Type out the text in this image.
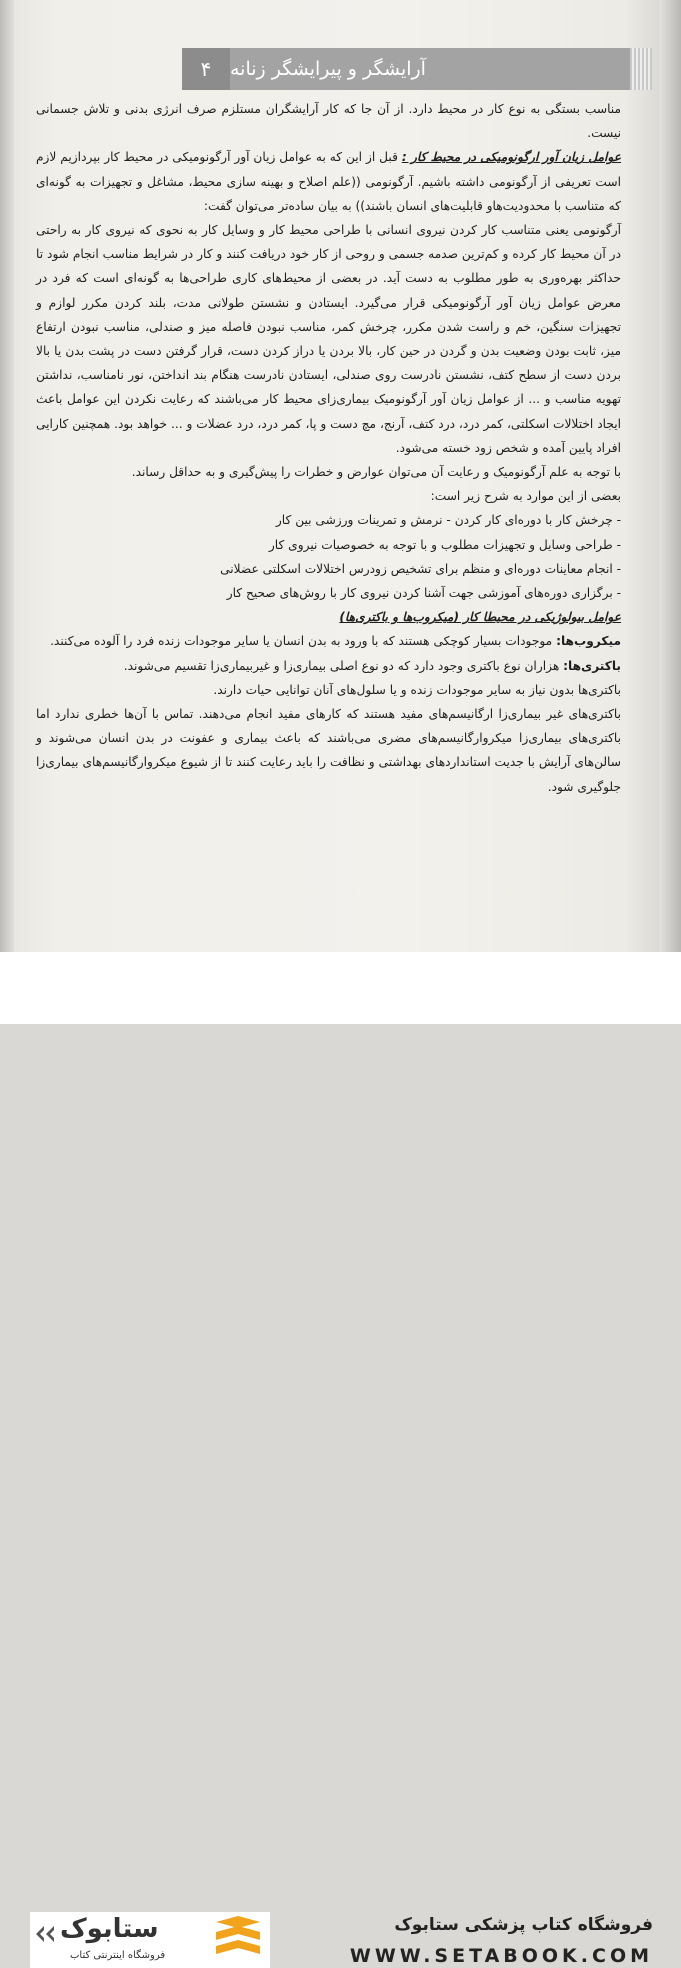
۴ آرایشگر و پیرایشگر زنانه

مناسب بستگی به نوع کار در محیط دارد. از آن جا که کار آرایشگران مستلزم صرف انرژی بدنی و تلاش جسمانی نیست.

عوامل زیان آور ارگونومیکی در محیط کار : قبل از این که به عوامل زیان آور آرگونومیکی در محیط کار بپردازیم لازم است تعریفی از آرگونومی داشته باشیم. آرگونومی ((علم اصلاح و بهینه سازی محیط، مشاغل و تجهیزات به گونه‌ای که متناسب با محدودیت‌هاو قابلیت‌های انسان باشند)) به بیان ساده‌تر می‌توان گفت:

آرگونومی یعنی متناسب کار کردن نیروی انسانی با طراحی محیط کار و وسایل کار به نحوی که نیروی کار به راحتی در آن محیط کار کرده و کم‌ترین صدمه جسمی و روحی از کار خود دریافت کنند و کار در شرایط مناسب انجام شود تا حداکثر بهره‌وری به طور مطلوب به دست آید. در بعضی از محیط‌های کاری طراحی‌ها به گونه‌ای است که فرد در معرض عوامل زیان آور آرگونومیکی قرار می‌گیرد. ایستادن و نشستن طولانی مدت، بلند کردن مکرر لوازم و تجهیزات سنگین، خم و راست شدن مکرر، چرخش کمر، مناسب نبودن فاصله میز و صندلی، مناسب نبودن ارتفاع میز، ثابت بودن وضعیت بدن و گردن در حین کار، بالا بردن یا دراز کردن دست، قرار گرفتن دست در پشت بدن یا بالا بردن دست از سطح کتف، نشستن نادرست روی صندلی، ایستادن نادرست هنگام بند انداختن، نور نامناسب، نداشتن تهویه مناسب و ... از عوامل زیان آور آرگونومیک بیماری‌زای محیط کار می‌باشند که رعایت نکردن این عوامل باعث ایجاد اختلالات اسکلتی، کمر درد، درد کتف، آرنج، مچ دست و پا، کمر درد، درد عضلات و ... خواهد بود. همچنین کارایی افراد پایین آمده و شخص زود خسته می‌شود.

با توجه به علم آرگونومیک و رعایت آن می‌توان عوارض و خطرات را پیش‌گیری و به حداقل رساند.

بعضی از این موارد به شرح زیر است:

- چرخش کار با دوره‌ای کار کردن - نرمش و تمرینات ورزشی بین کار

- طراحی وسایل و تجهیزات مطلوب و با توجه به خصوصیات نیروی کار

- انجام معاینات دوره‌ای و منظم برای تشخیص زودرس اختلالات اسکلتی عضلانی

- برگزاری دوره‌های آموزشی جهت آشنا کردن نیروی کار با روش‌های صحیح کار

عوامل بیولوژیکی در محیطا کار (میکروب‌ها و باکتری‌ها)

میکروب‌ها: موجودات بسیار کوچکی هستند که با ورود به بدن انسان یا سایر موجودات زنده فرد را آلوده می‌کنند.

باکتری‌ها: هزاران نوع باکتری وجود دارد که دو نوع اصلی بیماری‌زا و غیربیماری‌زا تقسیم می‌شوند.

باکتری‌ها بدون نیاز به سایر موجودات زنده و یا سلول‌های آنان توانایی حیات دارند.

باکتری‌های غیر بیماری‌زا ارگانیسم‌های مفید هستند که کارهای مفید انجام می‌دهند. تماس با آن‌ها خطری ندارد اما باکتری‌های بیماری‌زا میکروارگانیسم‌های مضری می‌باشند که باعث بیماری و عفونت در بدن انسان می‌شوند و سالن‌های آرایش با جدیت استانداردهای بهداشتی و نظافت را باید رعایت کنند تا از شیوع میکروارگانیسم‌های بیماری‌زا جلوگیری شود.

ستابوک
فروشگاه اینترنتی کتاب
فروشگاه کتاب پزشکی ستابوک
WWW.SETABOOK.COM
